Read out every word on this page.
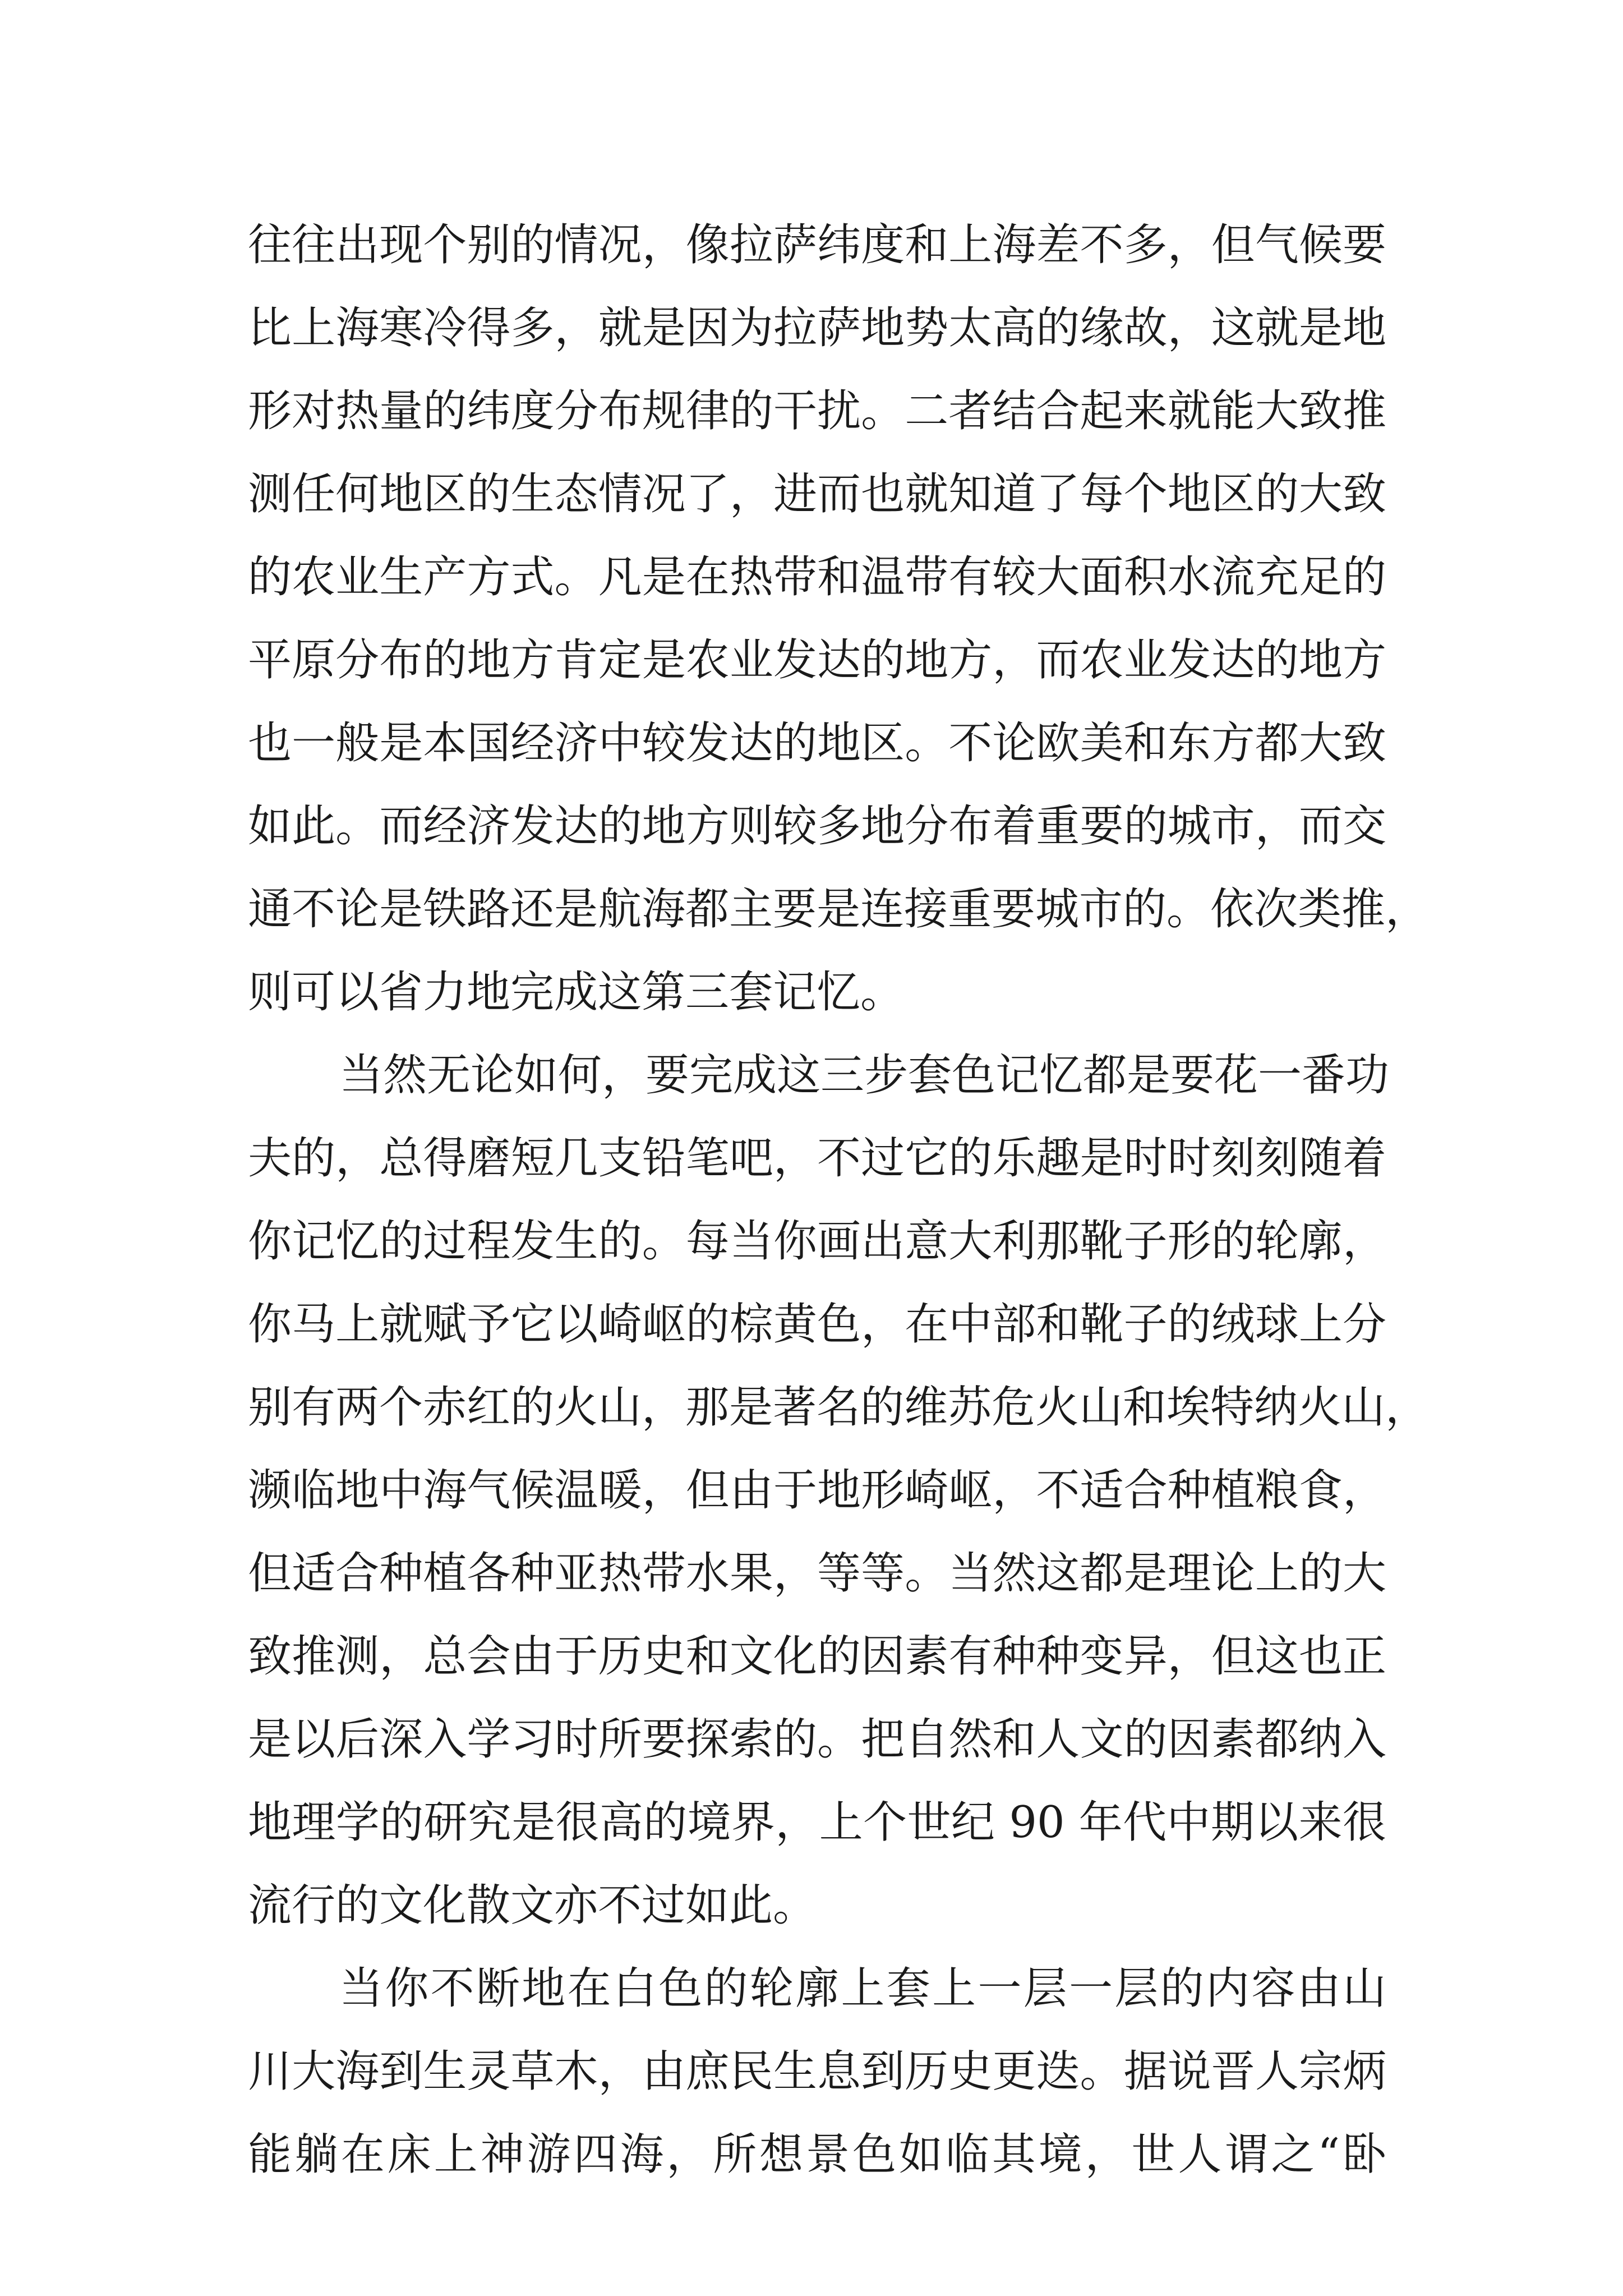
往往出现个别的情况，像拉萨纬度和上海差不多，但气候要
比上海寒冷得多，就是因为拉萨地势太高的缘故，这就是地
形对热量的纬度分布规律的干扰。二者结合起来就能大致推
测任何地区的生态情况了，进而也就知道了每个地区的大致
的农业生产方式。凡是在热带和温带有较大面积水流充足的
平原分布的地方肯定是农业发达的地方，而农业发达的地方
也一般是本国经济中较发达的地区。不论欧美和东方都大致
如此。而经济发达的地方则较多地分布着重要的城市，而交
通不论是铁路还是航海都主要是连接重要城市的。依次类推，
则可以省力地完成这第三套记忆。
当然无论如何，要完成这三步套色记忆都是要花一番功
夫的，总得磨短几支铅笔吧，不过它的乐趣是时时刻刻随着
你记忆的过程发生的。每当你画出意大利那靴子形的轮廓，
你马上就赋予它以崎岖的棕黄色，在中部和靴子的绒球上分
别有两个赤红的火山，那是著名的维苏危火山和埃特纳火山，
濒临地中海气候温暖，但由于地形崎岖，不适合种植粮食，
但适合种植各种亚热带水果，等等。当然这都是理论上的大
致推测，总会由于历史和文化的因素有种种变异，但这也正
是以后深入学习时所要探索的。把自然和人文的因素都纳入
地理学的研究是很高的境界，上个世纪 90 年代中期以来很
流行的文化散文亦不过如此。
当你不断地在白色的轮廓上套上一层一层的内容由山
川大海到生灵草木，由庶民生息到历史更迭。据说晋人宗炳
能躺在床上神游四海，所想景色如临其境，世人谓之“卧
